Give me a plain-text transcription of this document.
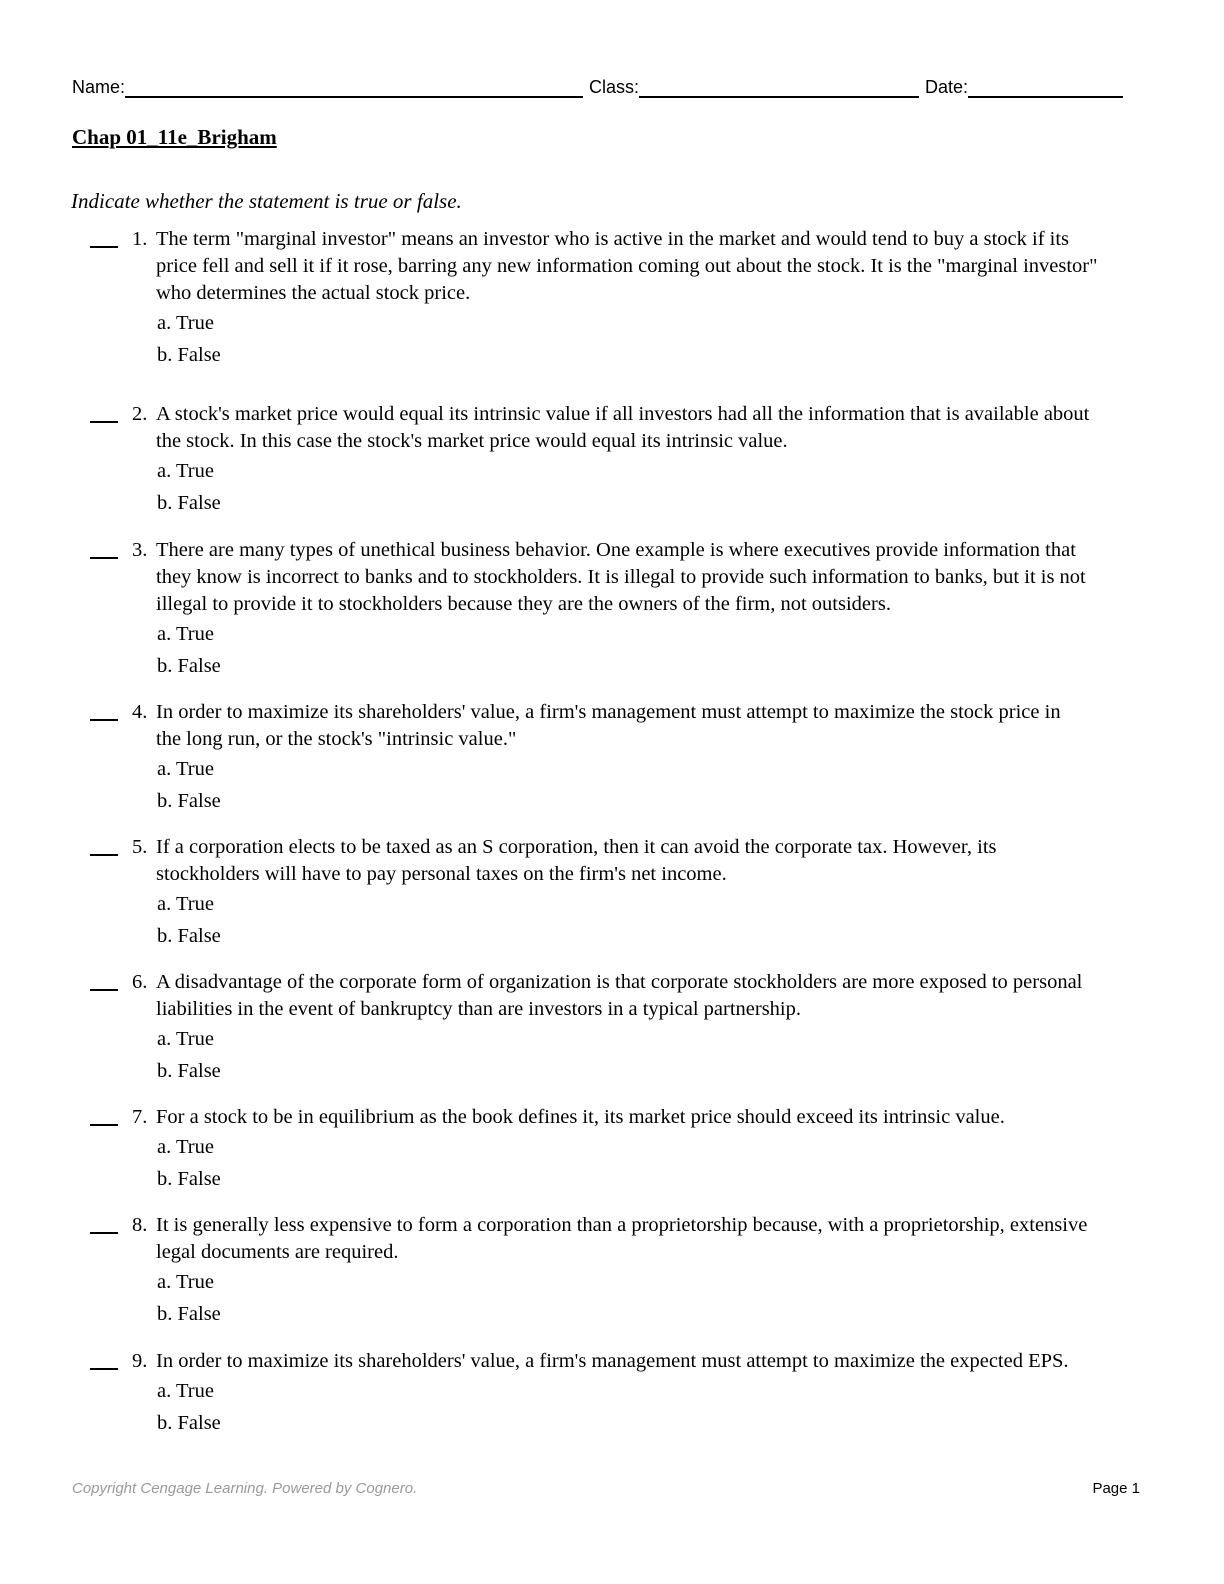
Name:	Class:	Date:
Chap 01_11e_Brigham
Indicate whether the statement is true or false.
1. The term "marginal investor" means an investor who is active in the market and would tend to buy a stock if its
price fell and sell it if it rose, barring any new information coming out about the stock. It is the "marginal investor"
who determines the actual stock price.
a. True
b. False
2. A stock's market price would equal its intrinsic value if all investors had all the information that is available about
the stock. In this case the stock's market price would equal its intrinsic value.
a. True
b. False
3. There are many types of unethical business behavior. One example is where executives provide information that
they know is incorrect to banks and to stockholders. It is illegal to provide such information to banks, but it is not
illegal to provide it to stockholders because they are the owners of the firm, not outsiders.
a. True
b. False
4. In order to maximize its shareholders' value, a firm's management must attempt to maximize the stock price in
the long run, or the stock's "intrinsic value."
a. True
b. False
5. If a corporation elects to be taxed as an S corporation, then it can avoid the corporate tax. However, its
stockholders will have to pay personal taxes on the firm's net income.
a. True
b. False
6. A disadvantage of the corporate form of organization is that corporate stockholders are more exposed to personal
liabilities in the event of bankruptcy than are investors in a typical partnership.
a. True
b. False
7. For a stock to be in equilibrium as the book defines it, its market price should exceed its intrinsic value.
a. True
b. False
8. It is generally less expensive to form a corporation than a proprietorship because, with a proprietorship, extensive
legal documents are required.
a. True
b. False
9. In order to maximize its shareholders' value, a firm's management must attempt to maximize the expected EPS.
a. True
b. False
Copyright Cengage Learning. Powered by Cognero.	Page 1
